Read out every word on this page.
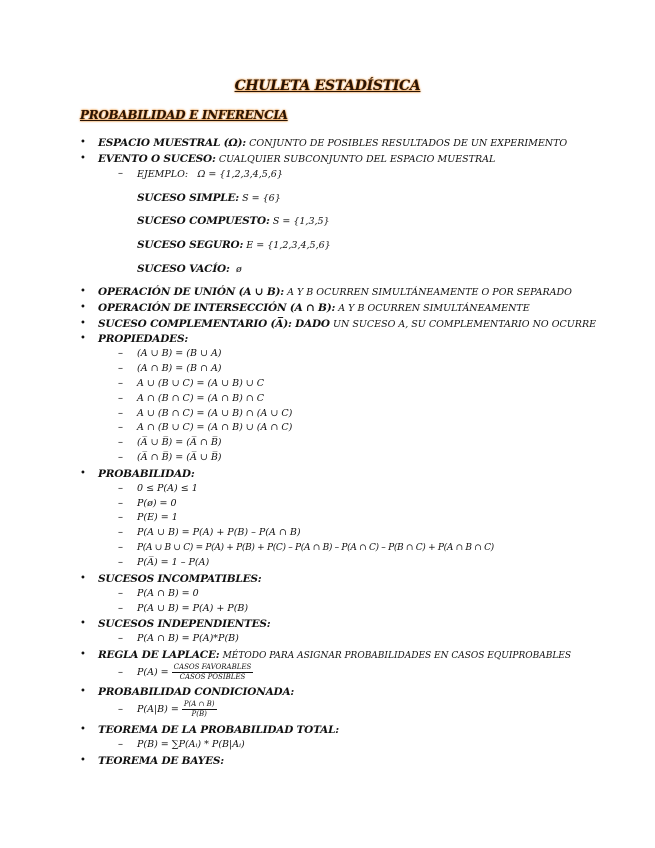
CHULETA ESTADÍSTICA
PROBABILIDAD E INFERENCIA
• ESPACIO MUESTRAL (Ω): CONJUNTO DE POSIBLES RESULTADOS DE UN EXPERIMENTO
• EVENTO O SUCESO: CUALQUIER SUBCONJUNTO DEL ESPACIO MUESTRAL
– EJEMPLO: Ω = {1,2,3,4,5,6}
SUCESO SIMPLE: S = {6}
SUCESO COMPUESTO: S = {1,3,5}
SUCESO SEGURO: E = {1,2,3,4,5,6}
SUCESO VACÍO: ø
• OPERACIÓN DE UNIÓN (A ∪ B): A Y B OCURREN SIMULTÁNEAMENTE O POR SEPARADO
• OPERACIÓN DE INTERSECCIÓN (A ∩ B): A Y B OCURREN SIMULTÁNEAMENTE
• SUCESO COMPLEMENTARIO (A̅): DADO UN SUCESO A, SU COMPLEMENTARIO NO OCURRE
• PROPIEDADES:
– (A ∪ B) = (B ∪ A)
– (A ∩ B) = (B ∩ A)
– A ∪ (B ∪ C) = (A ∪ B) ∪ C
– A ∩ (B ∩ C) = (A ∩ B) ∩ C
– A ∪ (B ∩ C) = (A ∪ B) ∩ (A ∪ C)
– A ∩ (B ∪ C) = (A ∩ B) ∪ (A ∩ C)
– (A̅ ∪ B̅) = (A̅ ∩ B̅)
– (A̅ ∩ B̅) = (A̅ ∪ B̅)
• PROBABILIDAD:
– 0 ≤ P(A) ≤ 1
– P(ø) = 0
– P(E) = 1
– P(A ∪ B) = P(A) + P(B) – P(A ∩ B)
– P(A ∪ B ∪ C) = P(A) + P(B) + P(C) – P(A ∩ B) – P(A ∩ C) – P(B ∩ C) + P(A ∩ B ∩ C)
– P(A̅) = 1 – P(A)
• SUCESOS INCOMPATIBLES:
– P(A ∩ B) = 0
– P(A ∪ B) = P(A) + P(B)
• SUCESOS INDEPENDIENTES:
– P(A ∩ B) = P(A)*P(B)
• REGLA DE LAPLACE: MÉTODO PARA ASIGNAR PROBABILIDADES EN CASOS EQUIPROBABLES
– $P(A) = \frac{\text{CASOS FAVORABLES}}{\text{CASOS POSIBLES}}$
• PROBABILIDAD CONDICIONADA:
– $P(A|B) = \frac{P(A \cap B)}{P(B)}$
• TEOREMA DE LA PROBABILIDAD TOTAL:
– P(B) = ∑P(Aᵢ) * P(B|Aᵢ)
• TEOREMA DE BAYES:
